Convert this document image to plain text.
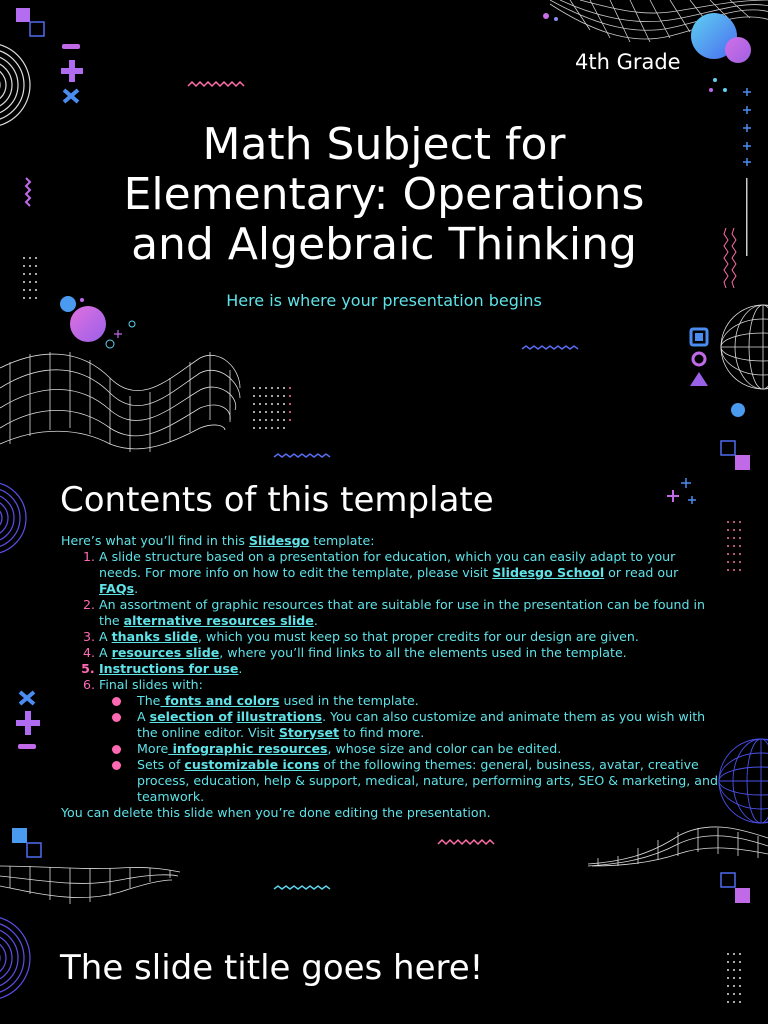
4th Grade
Math Subject for
Elementary: Operations
and Algebraic Thinking
Here is where your presentation begins
Contents of this template

Here’s what you’ll find in this Slidesgo template:

1. A slide structure based on a presentation for education, which you can easily adapt to your needs. For more info on how to edit the template, please visit Slidesgo School or read our FAQs.
2. An assortment of graphic resources that are suitable for use in the presentation can be found in the alternative resources slide.
3. A thanks slide, which you must keep so that proper credits for our design are given.
4. A resources slide, where you’ll find links to all the elements used in the template.
5. Instructions for use.
6. Final slides with:
The fonts and colors used in the template.
A selection of illustrations. You can also customize and animate them as you wish with the online editor. Visit Storyset to find more.
More infographic resources, whose size and color can be edited.
Sets of customizable icons of the following themes: general, business, avatar, creative process, education, help & support, medical, nature, performing arts, SEO & marketing, and teamwork.

You can delete this slide when you’re done editing the presentation.

The slide title goes here!
